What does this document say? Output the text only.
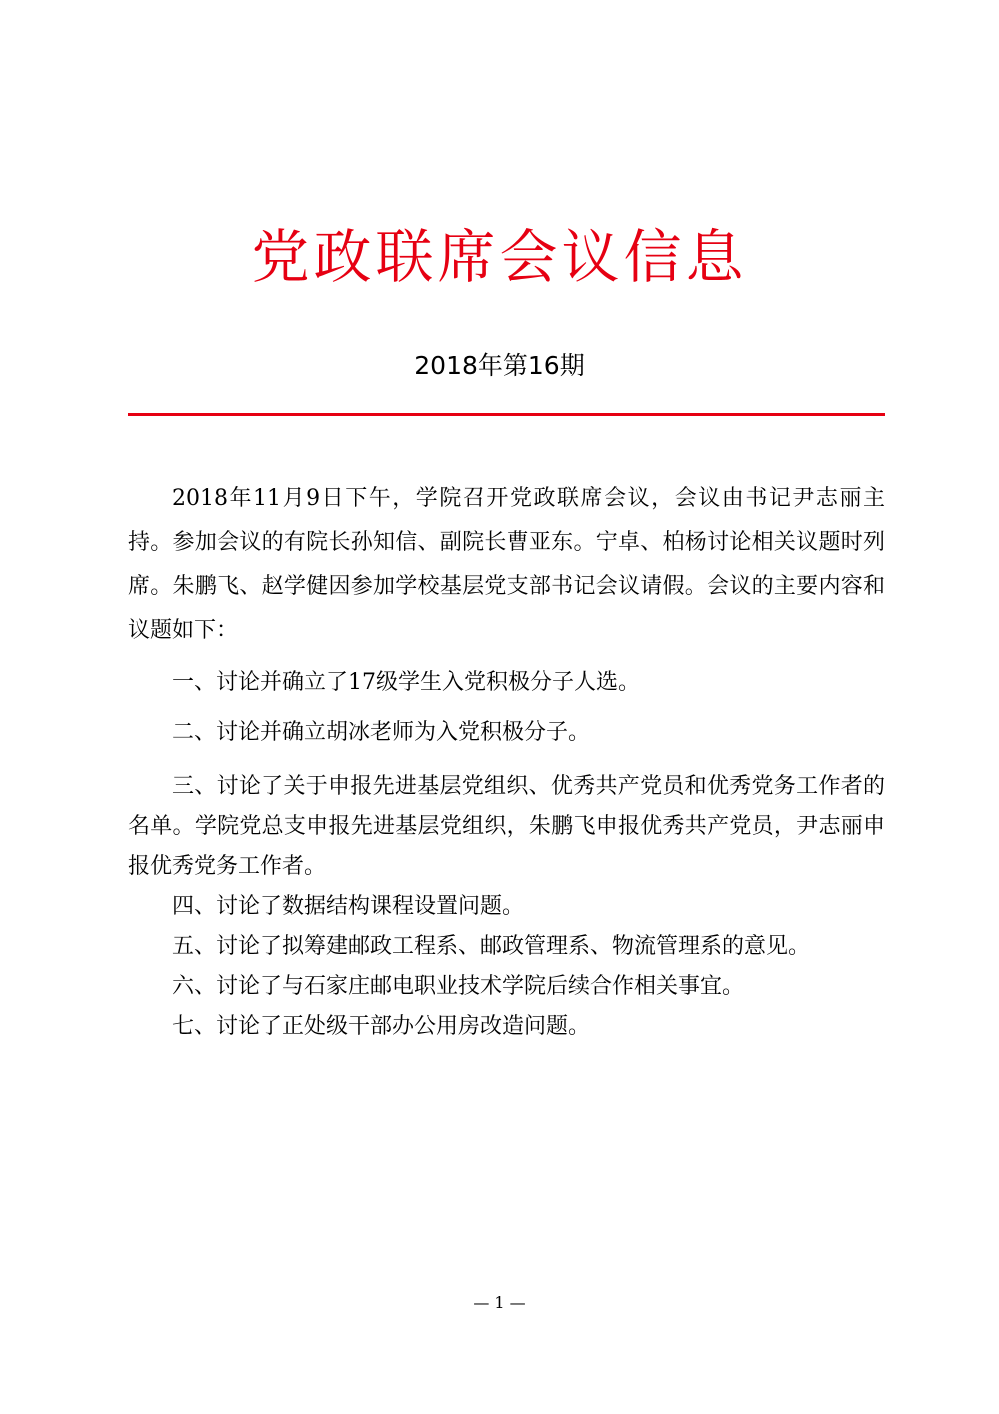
党政联席会议信息
2018年第16期

2018年11月9日下午，学院召开党政联席会议，会议由书记尹志丽主持。参加会议的有院长孙知信、副院长曹亚东。宁卓、柏杨讨论相关议题时列席。朱鹏飞、赵学健因参加学校基层党支部书记会议请假。会议的主要内容和议题如下：

一、讨论并确立了17级学生入党积极分子人选。

二、讨论并确立胡冰老师为入党积极分子。

三、讨论了关于申报先进基层党组织、优秀共产党员和优秀党务工作者的名单。学院党总支申报先进基层党组织，朱鹏飞申报优秀共产党员，尹志丽申报优秀党务工作者。

四、讨论了数据结构课程设置问题。

五、讨论了拟筹建邮政工程系、邮政管理系、物流管理系的意见。

六、讨论了与石家庄邮电职业技术学院后续合作相关事宜。

七、讨论了正处级干部办公用房改造问题。

— 1 —
